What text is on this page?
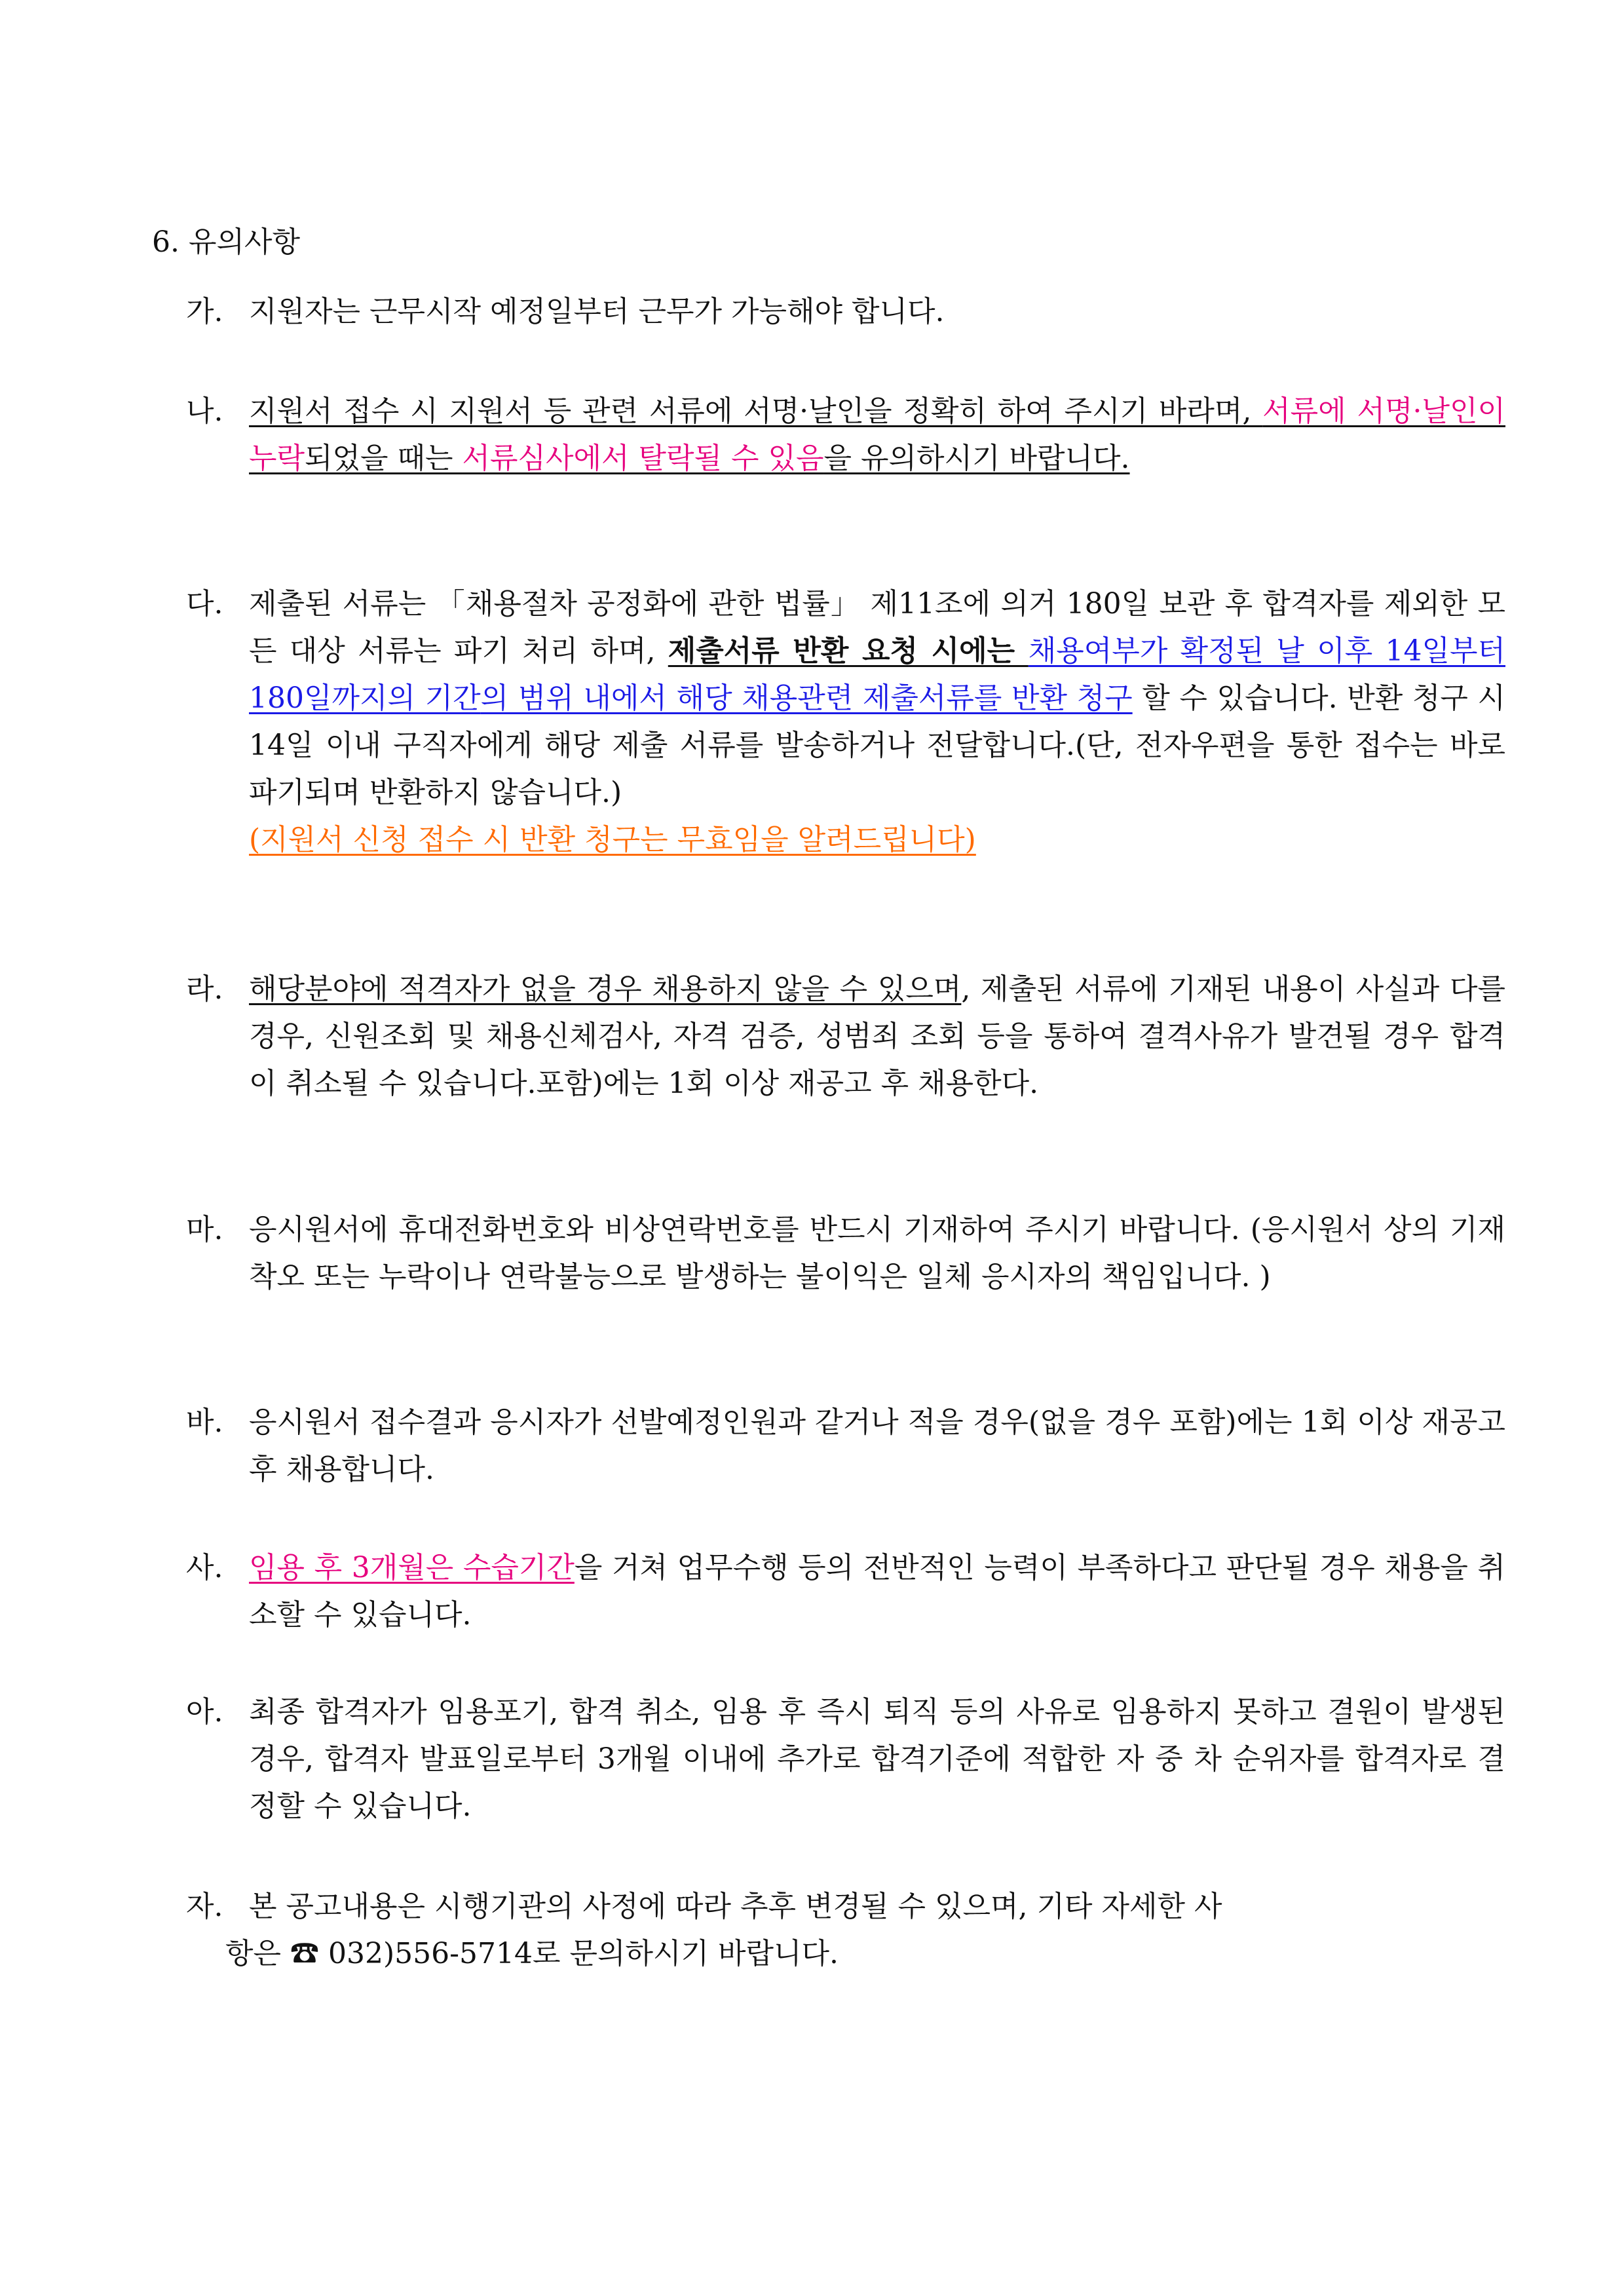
6. 유의사항
가. 지원자는 근무시작 예정일부터 근무가 가능해야 합니다.
나. 지원서 접수 시 지원서 등 관련 서류에 서명·날인을 정확히 하여 주시기 바라며, 서류에 서명·날인이 누락되었을 때는 서류심사에서 탈락될 수 있음을 유의하시기 바랍니다.
다. 제출된 서류는 「채용절차 공정화에 관한 법률」 제11조에 의거 180일 보관 후 합격자를 제외한 모든 대상 서류는 파기 처리 하며, 제출서류 반환 요청 시에는 채용여부가 확정된 날 이후 14일부터 180일까지의 기간의 범위 내에서 해당 채용관련 제출서류를 반환 청구 할 수 있습니다. 반환 청구 시 14일 이내 구직자에게 해당 제출 서류를 발송하거나 전달합니다.(단, 전자우편을 통한 접수는 바로 파기되며 반환하지 않습니다.)
(지원서 신청 접수 시 반환 청구는 무효임을 알려드립니다)
라. 해당분야에 적격자가 없을 경우 채용하지 않을 수 있으며, 제출된 서류에 기재된 내용이 사실과 다를 경우, 신원조회 및 채용신체검사, 자격 검증, 성범죄 조회 등을 통하여 결격사유가 발견될 경우 합격이 취소될 수 있습니다.포함)에는 1회 이상 재공고 후 채용한다.
마. 응시원서에 휴대전화번호와 비상연락번호를 반드시 기재하여 주시기 바랍니다. (응시원서 상의 기재착오 또는 누락이나 연락불능으로 발생하는 불이익은 일체 응시자의 책임입니다. )
바. 응시원서 접수결과 응시자가 선발예정인원과 같거나 적을 경우(없을 경우 포함)에는 1회 이상 재공고 후 채용합니다.
사. 임용 후 3개월은 수습기간을 거쳐 업무수행 등의 전반적인 능력이 부족하다고 판단될 경우 채용을 취소할 수 있습니다.
아. 최종 합격자가 임용포기, 합격 취소, 임용 후 즉시 퇴직 등의 사유로 임용하지 못하고 결원이 발생된 경우, 합격자 발표일로부터 3개월 이내에 추가로 합격기준에 적합한 자 중 차 순위자를 합격자로 결정할 수 있습니다.
자. 본 공고내용은 시행기관의 사정에 따라 추후 변경될 수 있으며, 기타 자세한 사
항은 ☎ 032)556-5714로 문의하시기 바랍니다.
